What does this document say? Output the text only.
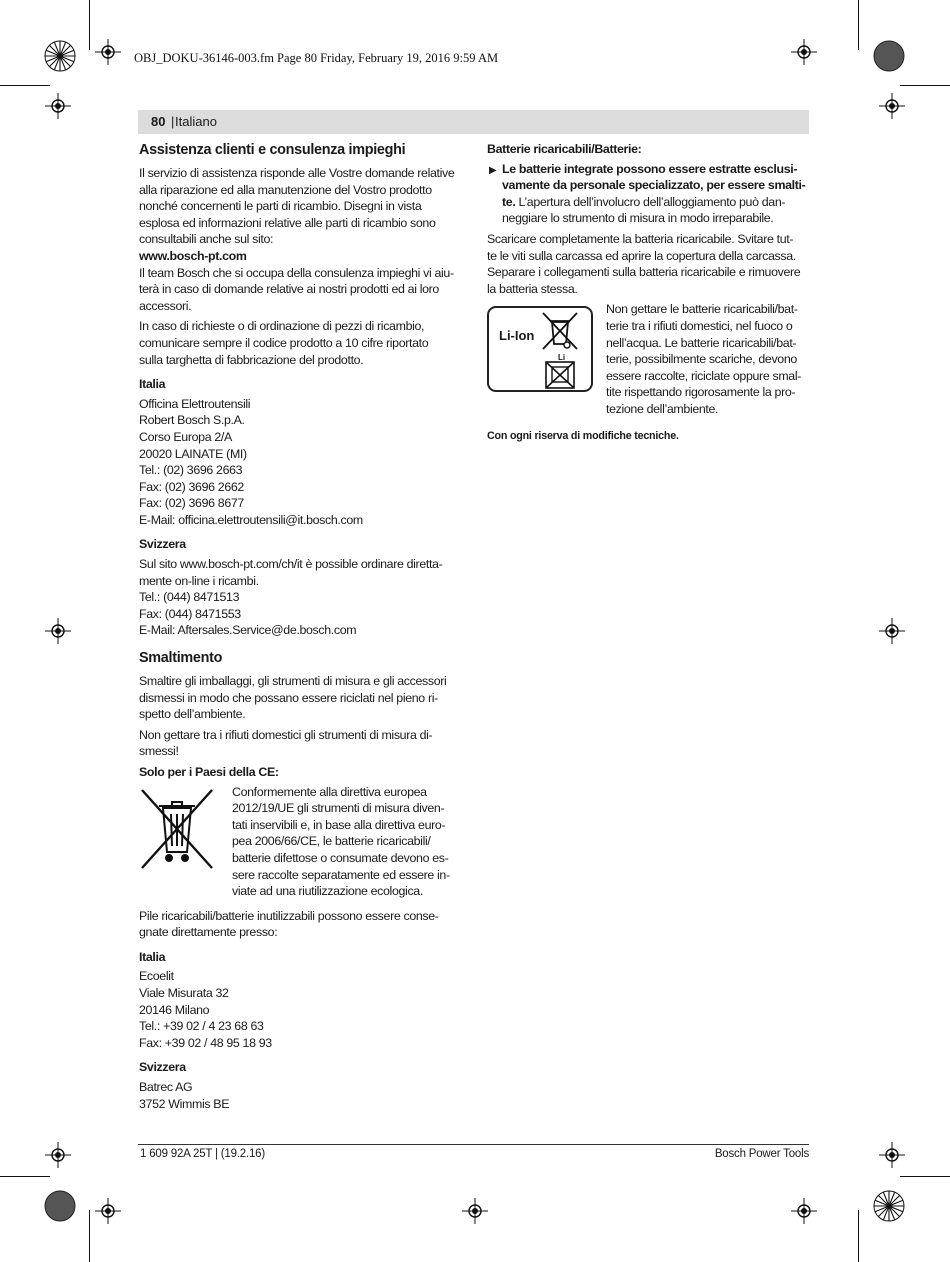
OBJ_DOKU-36146-003.fm Page 80 Friday, February 19, 2016 9:59 AM
80 | Italiano
Assistenza clienti e consulenza impieghi

Il servizio di assistenza risponde alle Vostre domande relative
alla riparazione ed alla manutenzione del Vostro prodotto
nonché concernenti le parti di ricambio. Disegni in vista
esplosa ed informazioni relative alle parti di ricambio sono
consultabili anche sul sito:

www.bosch-pt.com

Il team Bosch che si occupa della consulenza impieghi vi aiu-
terà in caso di domande relative ai nostri prodotti ed ai loro
accessori.

In caso di richieste o di ordinazione di pezzi di ricambio,
comunicare sempre il codice prodotto a 10 cifre riportato
sulla targhetta di fabbricazione del prodotto.

Italia
Officina Elettroutensili
Robert Bosch S.p.A.
Corso Europa 2/A
20020 LAINATE (MI)
Tel.: (02) 3696 2663
Fax: (02) 3696 2662
Fax: (02) 3696 8677
E-Mail: officina.elettroutensili@it.bosch.com
Svizzera
Sul sito www.bosch-pt.com/ch/it è possible ordinare diretta-
mente on-line i ricambi.
Tel.: (044) 8471513
Fax: (044) 8471553
E-Mail: Aftersales.Service@de.bosch.com
Smaltimento

Smaltire gli imballaggi, gli strumenti di misura e gli accessori
dismessi in modo che possano essere riciclati nel pieno ri-
spetto dell’ambiente.

Non gettare tra i rifiuti domestici gli strumenti di misura di-
smessi!

Solo per i Paesi della CE:
Conformemente alla direttiva europea
2012/19/UE gli strumenti di misura diven-
tati inservibili e, in base alla direttiva euro-
pea 2006/66/CE, le batterie ricaricabili/
batterie difettose o consumate devono es-
sere raccolte separatamente ed essere in-
viate ad una riutilizzazione ecologica.

Pile ricaricabili/batterie inutilizzabili possono essere conse-
gnate direttamente presso:

Italia
Ecoelit
Viale Misurata 32
20146 Milano
Tel.: +39 02 / 4 23 68 63
Fax: +39 02 / 48 95 18 93
Svizzera
Batrec AG
3752 Wimmis BE
Batterie ricaricabili/Batterie:
▶ Le batterie integrate possono essere estratte esclusi-
vamente da personale specializzato, per essere smalti-
te. L’apertura dell’involucro dell’alloggiamento può dan-
neggiare lo strumento di misura in modo irreparabile.

Scaricare completamente la batteria ricaricabile. Svitare tut-
te le viti sulla carcassa ed aprire la copertura della carcassa.
Separare i collegamenti sulla batteria ricaricabile e rimuovere
la batteria stessa.

Li-Ion
Li
Non gettare le batterie ricaricabili/bat-
terie tra i rifiuti domestici, nel fuoco o
nell’acqua. Le batterie ricaricabili/bat-
terie, possibilmente scariche, devono
essere raccolte, riciclate oppure smal-
tite rispettando rigorosamente la pro-
tezione dell’ambiente.
Con ogni riserva di modifiche tecniche.
1 609 92A 25T | (19.2.16)	Bosch Power Tools
